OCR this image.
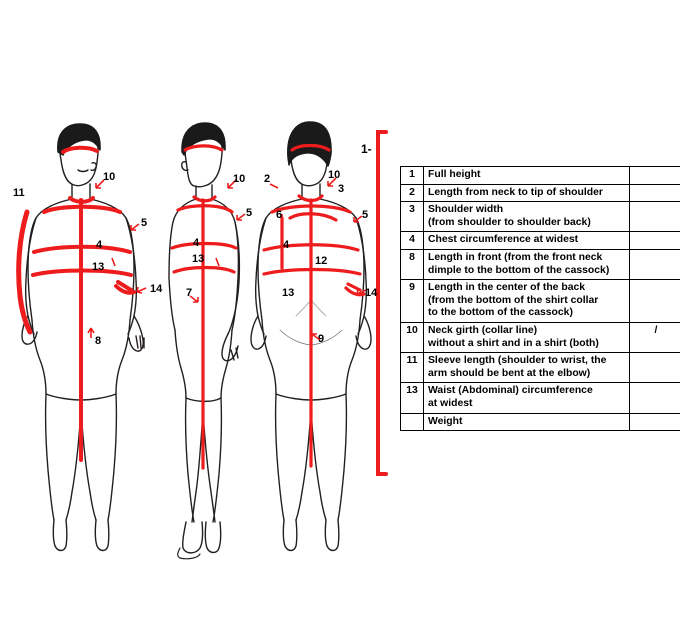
11
10
5
4
13
14
8
10
5
4
13
7
2	10
3
6	5
4
12
13	14
9
1-
1	Full height	

2	Length from neck to tip of shoulder	

3	Shoulder width
(from shoulder to shoulder back)	

4	Chest circumference at widest	

8	Length in front (from the front neck
dimple to the bottom of the cassock)	

9	Length in the center of the back
(from the bottom of the shirt collar
to the bottom of the cassock)	

10	Neck girth (collar line)
without a shirt and in a shirt (both)	/
11	Sleeve length (shoulder to wrist, the
arm should be bent at the elbow)	

13	Waist (Abdominal) circumference
at widest	

	Weight	
